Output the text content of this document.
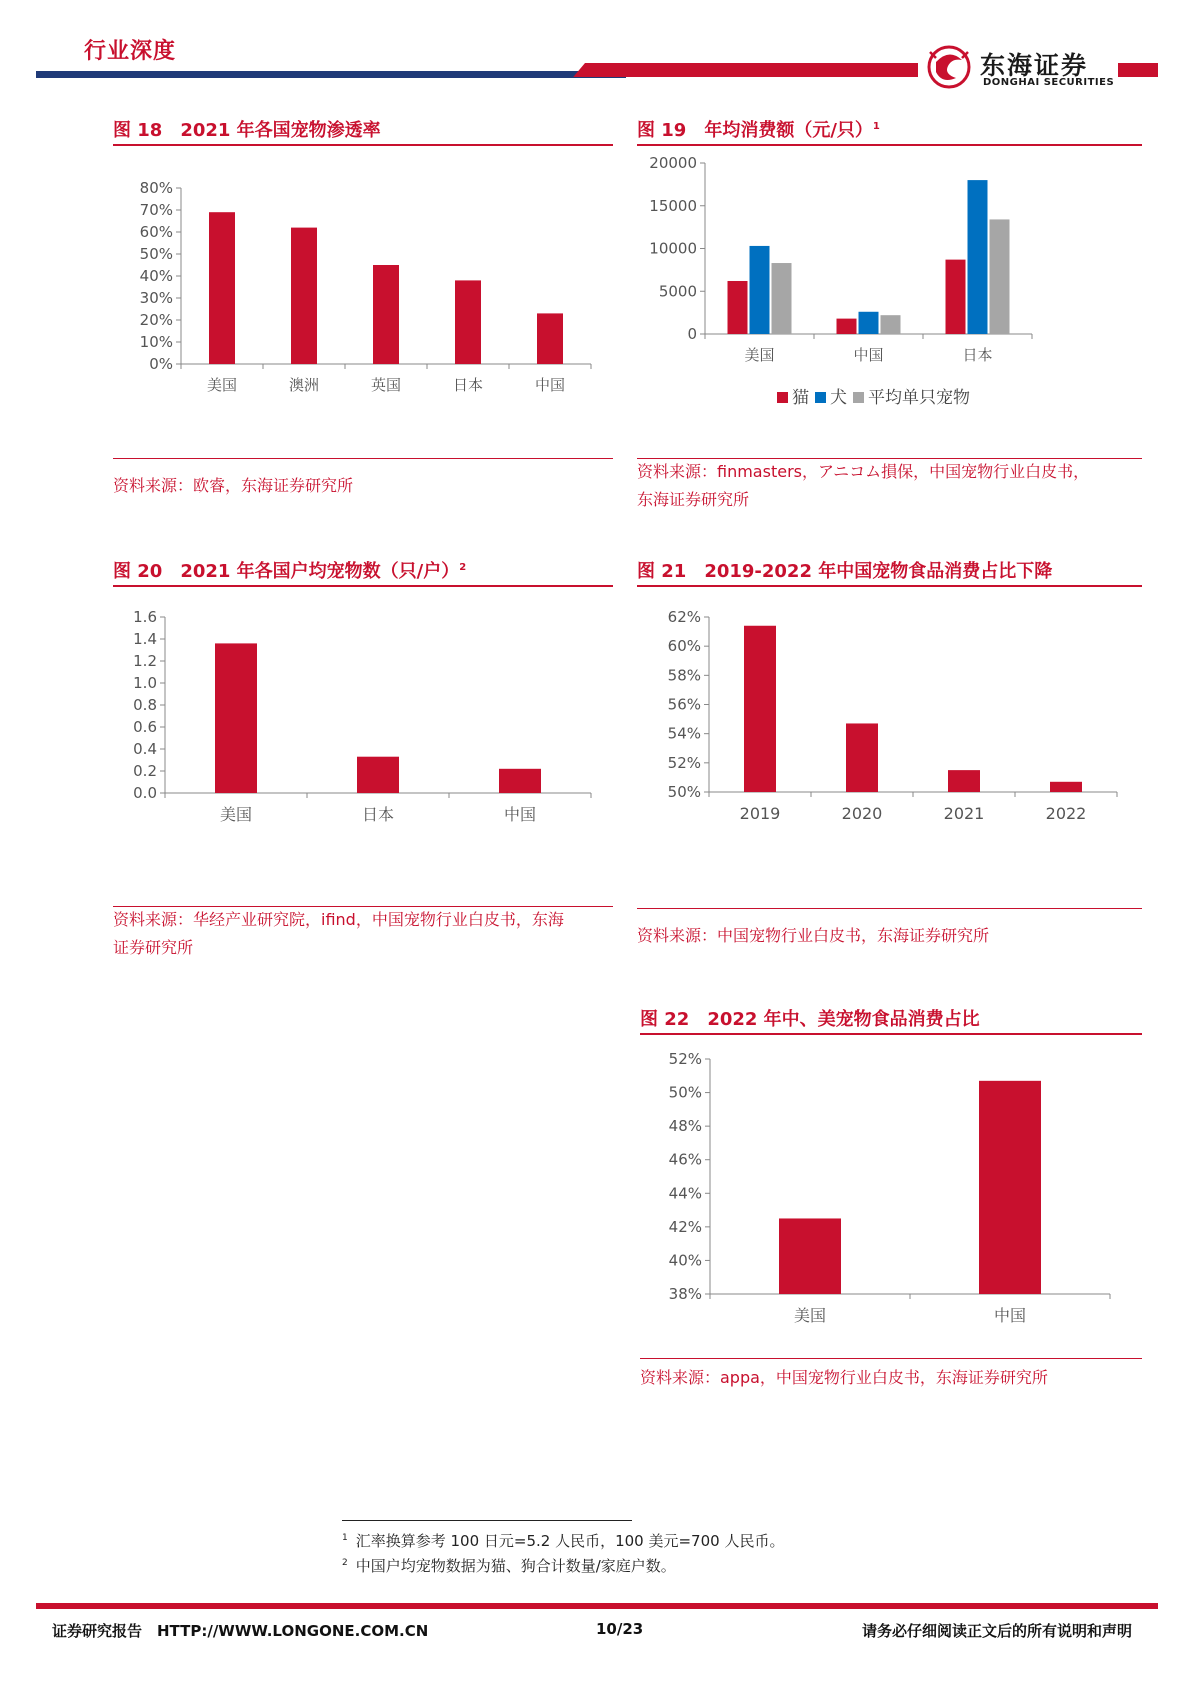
行业深度	东海证券
DONGHAI SECURITIES
图 18　2021 年各国宠物渗透率
0%
10%
20%
30%
40%
50%
60%
70%
80%
美国	澳洲	英国	日本	中国
资料来源：欧睿，东海证券研究所
图 19　年均消费额（元/只）$^1$
0
5000
10000
15000
20000
美国	中国	日本
猫 犬 平均单只宠物
资料来源：finmasters，アニコム損保，中国宠物行业白皮书，
东海证券研究所
图 20　2021 年各国户均宠物数（只/户）$^2$
0.0
0.2
0.4
0.6
0.8
1.0
1.2
1.4
1.6
美国	日本	中国
资料来源：华经产业研究院，ifind，中国宠物行业白皮书，东海
证券研究所
图 21　2019-2022 年中国宠物食品消费占比下降
50%
52%
54%
56%
58%
60%
62%
2019	2020	2021	2022
资料来源：中国宠物行业白皮书，东海证券研究所
图 22　2022 年中、美宠物食品消费占比
38%
40%
42%
44%
46%
48%
50%
52%
美国	中国
资料来源：appa，中国宠物行业白皮书，东海证券研究所
$^1$ 汇率换算参考 100 日元=5.2 人民币，100 美元=700 人民币。
$^2$ 中国户均宠物数据为猫、狗合计数量/家庭户数。
证券研究报告　HTTP://WWW.LONGONE.COM.CN	10/23	请务必仔细阅读正文后的所有说明和声明
